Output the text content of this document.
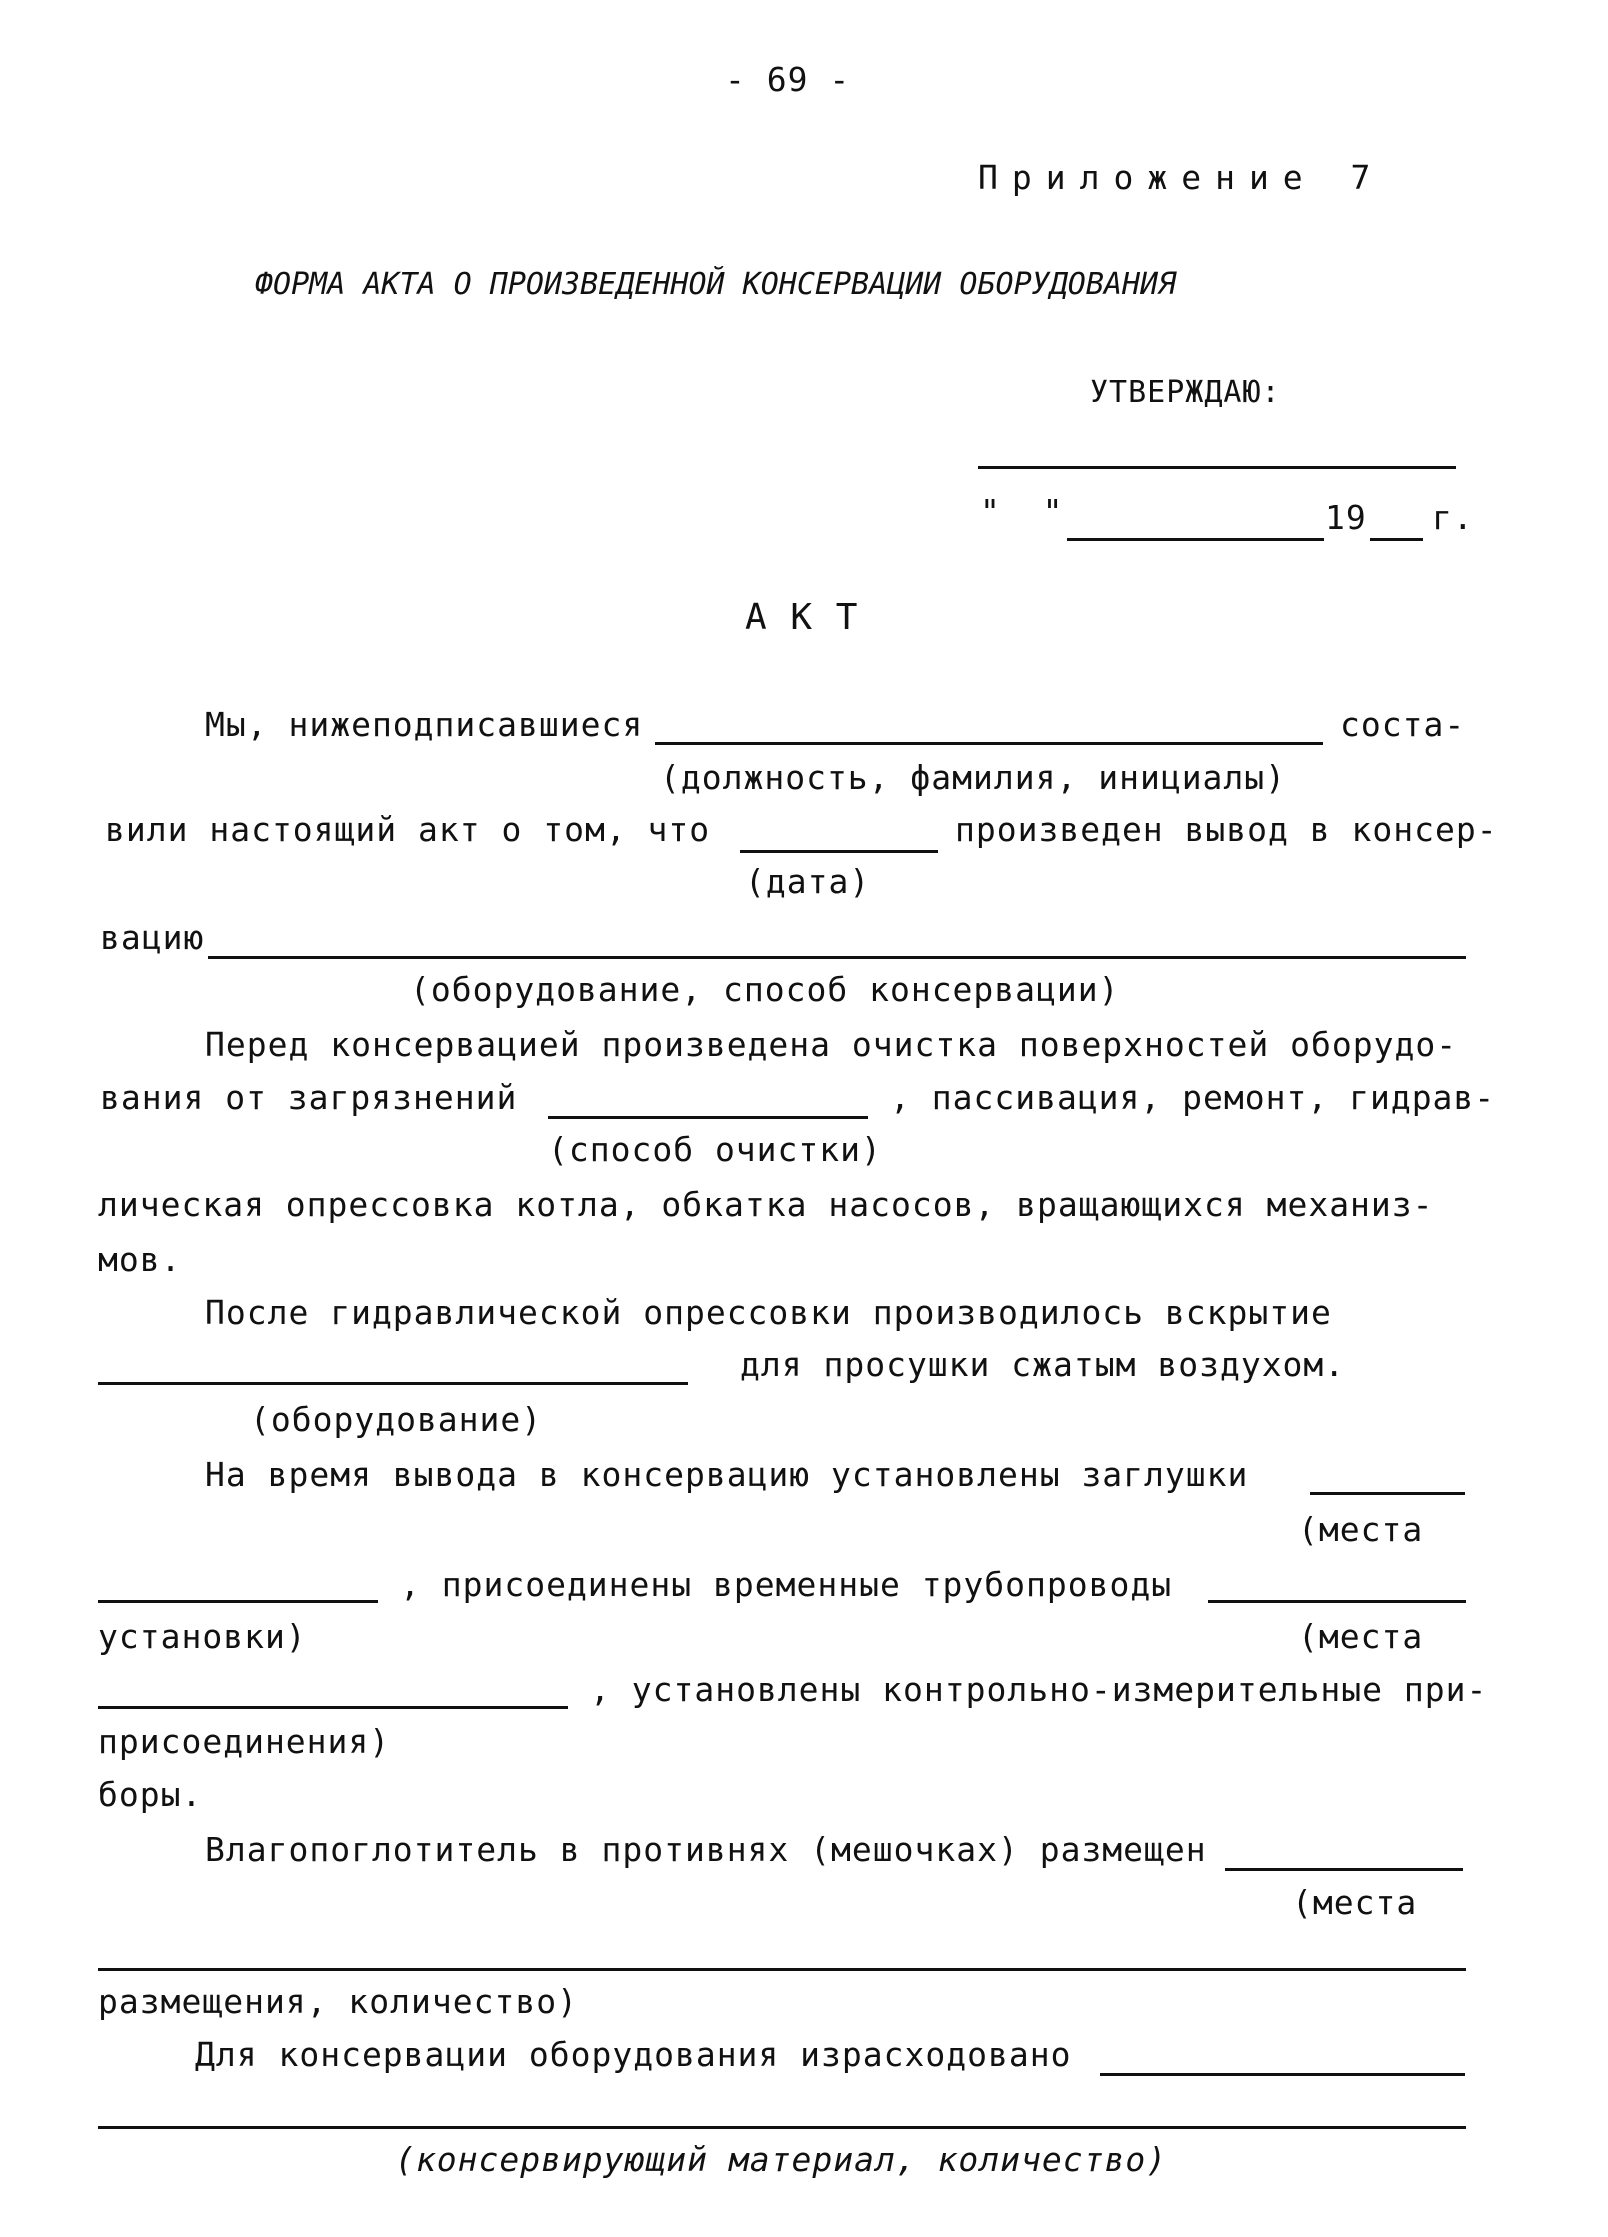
- 69 -
Приложение 7
ФОРМА АКТА О ПРОИЗВЕДЕННОЙ КОНСЕРВАЦИИ ОБОРУДОВАНИЯ
УТВЕРЖДАЮ:
"  "	19 г.
А К Т
Мы, нижеподписавшиеся	соста-
(должность, фамилия, инициалы)
вили настоящий акт о том, что	произведен вывод в консер-
(дата)
вацию
(оборудование, способ консервации)
Перед консервацией произведена очистка поверхностей оборудо-
вания от загрязнений	, пассивация, ремонт, гидрав-
(способ очистки)
лическая опрессовка котла, обкатка насосов, вращающихся механиз-
мов.
После гидравлической опрессовки производилось вскрытие
для просушки сжатым воздухом.
(оборудование)
На время вывода в консервацию установлены заглушки
(места
, присоединены временные трубопроводы
установки)	(места
, установлены контрольно-измерительные при-
присоединения)
боры.
Влагопоглотитель в противнях (мешочках) размещен
(места
размещения, количество)
Для консервации оборудования израсходовано
(консервирующий материал, количество)
